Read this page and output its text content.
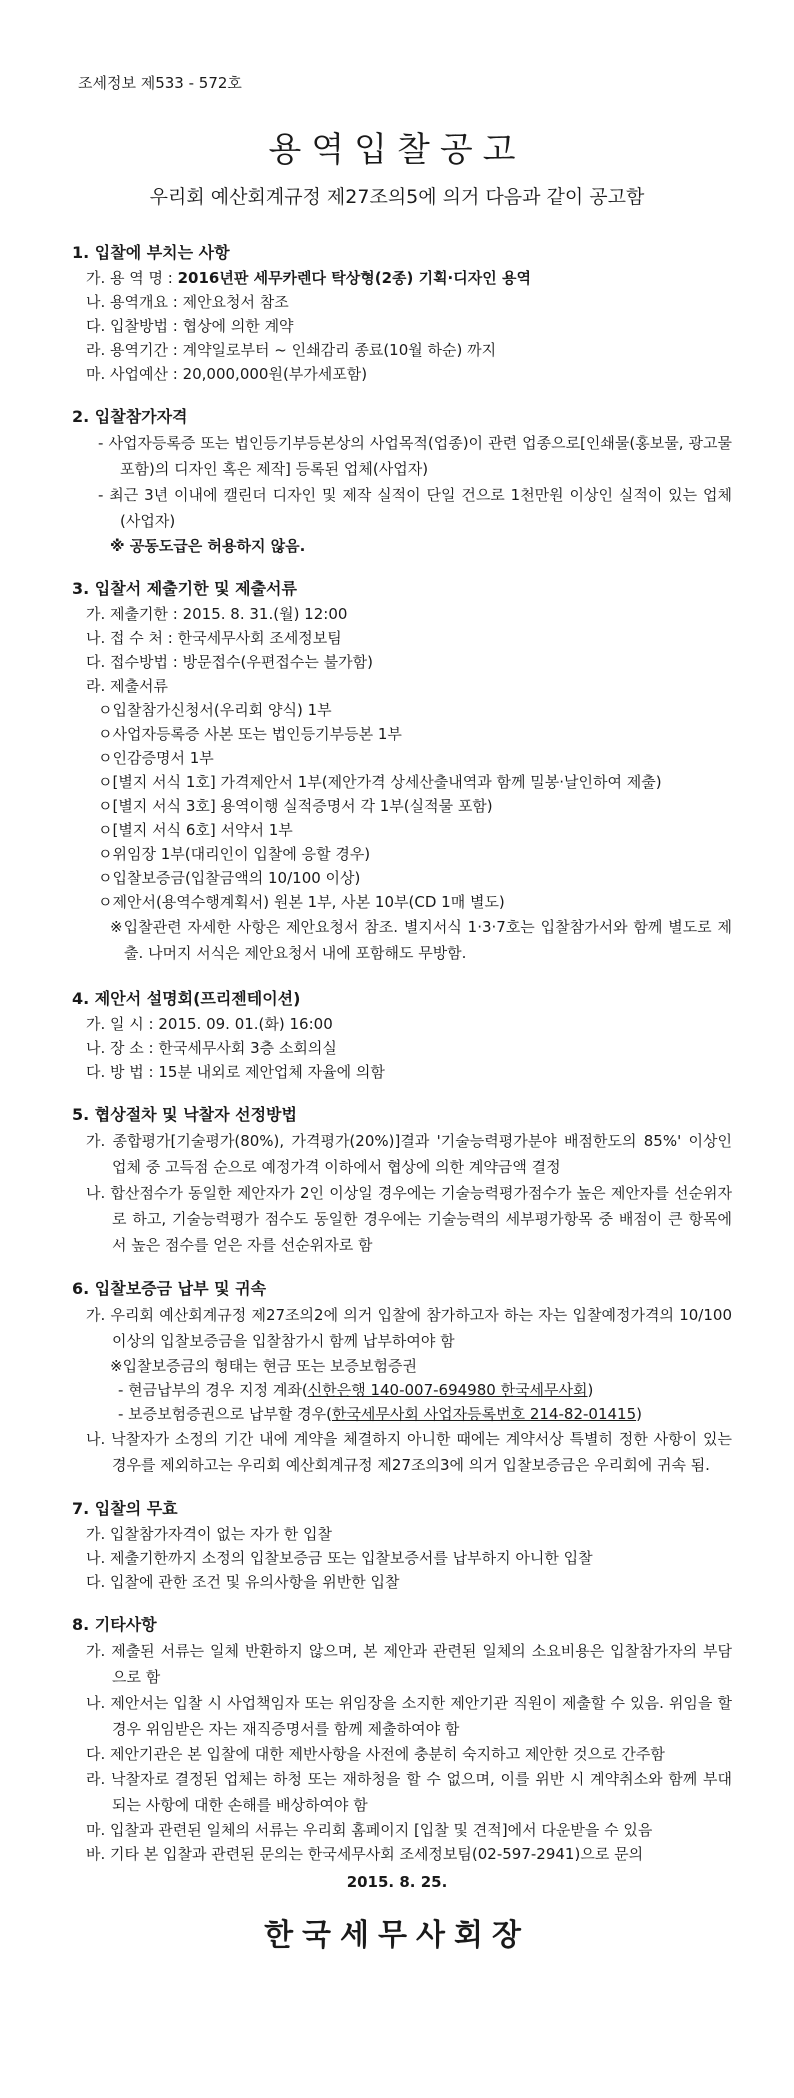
조세정보 제533 - 572호
용역입찰공고
우리회 예산회계규정 제27조의5에 의거 다음과 같이 공고함
1. 입찰에 부치는 사항
가. 용 역 명 : 2016년판 세무카렌다 탁상형(2종) 기획·디자인 용역
나. 용역개요 : 제안요청서 참조
다. 입찰방법 : 협상에 의한 계약
라. 용역기간 : 계약일로부터 ~ 인쇄감리 종료(10월 하순) 까지
마. 사업예산 : 20,000,000원(부가세포함)
2. 입찰참가자격
- 사업자등록증 또는 법인등기부등본상의 사업목적(업종)이 관련 업종으로[인쇄물(홍보물, 광고물 포함)의 디자인 혹은 제작] 등록된 업체(사업자)
- 최근 3년 이내에 캘린더 디자인 및 제작 실적이 단일 건으로 1천만원 이상인 실적이 있는 업체(사업자)
※ 공동도급은 허용하지 않음.
3. 입찰서 제출기한 및 제출서류
가. 제출기한 : 2015. 8. 31.(월) 12:00
나. 접 수 처 : 한국세무사회 조세정보팀
다. 접수방법 : 방문접수(우편접수는 불가함)
라. 제출서류
ㅇ입찰참가신청서(우리회 양식) 1부
ㅇ사업자등록증 사본 또는 법인등기부등본 1부
ㅇ인감증명서 1부
ㅇ[별지 서식 1호] 가격제안서 1부(제안가격 상세산출내역과 함께 밀봉·날인하여 제출)
ㅇ[별지 서식 3호] 용역이행 실적증명서 각 1부(실적물 포함)
ㅇ[별지 서식 6호] 서약서 1부
ㅇ위임장 1부(대리인이 입찰에 응할 경우)
ㅇ입찰보증금(입찰금액의 10/100 이상)
ㅇ제안서(용역수행계획서) 원본 1부, 사본 10부(CD 1매 별도)
※입찰관련 자세한 사항은 제안요청서 참조. 별지서식 1·3·7호는 입찰참가서와 함께 별도로 제출. 나머지 서식은 제안요청서 내에 포함해도 무방함.
4. 제안서 설명회(프리젠테이션)
가. 일 시 : 2015. 09. 01.(화) 16:00
나. 장 소 : 한국세무사회 3층 소회의실
다. 방 법 : 15분 내외로 제안업체 자율에 의함
5. 협상절차 및 낙찰자 선정방법
가. 종합평가[기술평가(80%), 가격평가(20%)]결과 '기술능력평가분야 배점한도의 85%' 이상인 업체 중 고득점 순으로 예정가격 이하에서 협상에 의한 계약금액 결정
나. 합산점수가 동일한 제안자가 2인 이상일 경우에는 기술능력평가점수가 높은 제안자를 선순위자로 하고, 기술능력평가 점수도 동일한 경우에는 기술능력의 세부평가항목 중 배점이 큰 항목에서 높은 점수를 얻은 자를 선순위자로 함
6. 입찰보증금 납부 및 귀속
가. 우리회 예산회계규정 제27조의2에 의거 입찰에 참가하고자 하는 자는 입찰예정가격의 10/100 이상의 입찰보증금을 입찰참가시 함께 납부하여야 함
※입찰보증금의 형태는 현금 또는 보증보험증권
- 현금납부의 경우 지정 계좌(신한은행 140-007-694980 한국세무사회)
- 보증보험증권으로 납부할 경우(한국세무사회 사업자등록번호 214-82-01415)
나. 낙찰자가 소정의 기간 내에 계약을 체결하지 아니한 때에는 계약서상 특별히 정한 사항이 있는 경우를 제외하고는 우리회 예산회계규정 제27조의3에 의거 입찰보증금은 우리회에 귀속 됨.
7. 입찰의 무효
가. 입찰참가자격이 없는 자가 한 입찰
나. 제출기한까지 소정의 입찰보증금 또는 입찰보증서를 납부하지 아니한 입찰
다. 입찰에 관한 조건 및 유의사항을 위반한 입찰
8. 기타사항
가. 제출된 서류는 일체 반환하지 않으며, 본 제안과 관련된 일체의 소요비용은 입찰참가자의 부담으로 함
나. 제안서는 입찰 시 사업책임자 또는 위임장을 소지한 제안기관 직원이 제출할 수 있음. 위임을 할 경우 위임받은 자는 재직증명서를 함께 제출하여야 함
다. 제안기관은 본 입찰에 대한 제반사항을 사전에 충분히 숙지하고 제안한 것으로 간주함
라. 낙찰자로 결정된 업체는 하청 또는 재하청을 할 수 없으며, 이를 위반 시 계약취소와 함께 부대되는 사항에 대한 손해를 배상하여야 함
마. 입찰과 관련된 일체의 서류는 우리회 홈페이지 [입찰 및 견적]에서 다운받을 수 있음
바. 기타 본 입찰과 관련된 문의는 한국세무사회 조세정보팀(02-597-2941)으로 문의
2015. 8. 25.
한국세무사회장
